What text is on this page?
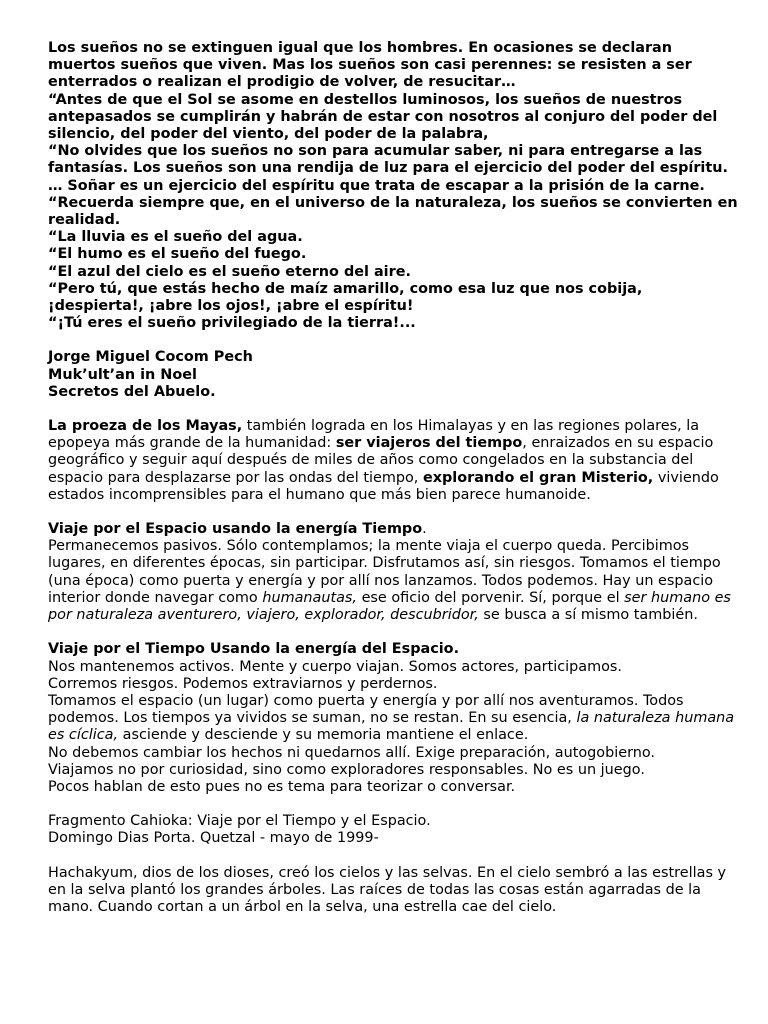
Los sueños no se extinguen igual que los hombres. En ocasiones se declaran muertos sueños que viven. Mas los sueños son casi perennes: se resisten a ser enterrados o realizan el prodigio de volver, de resucitar…

“Antes de que el Sol se asome en destellos luminosos, los sueños de nuestros antepasados se cumplirán y habrán de estar con nosotros al conjuro del poder del silencio, del poder del viento, del poder de la palabra,

“No olvides que los sueños no son para acumular saber, ni para entregarse a las fantasías. Los sueños son una rendija de luz para el ejercicio del poder del espíritu.

… Soñar es un ejercicio del espíritu que trata de escapar a la prisión de la carne.

“Recuerda siempre que, en el universo de la naturaleza, los sueños se convierten en realidad.

“La lluvia es el sueño del agua.

“El humo es el sueño del fuego.

“El azul del cielo es el sueño eterno del aire.

“Pero tú, que estás hecho de maíz amarillo, como esa luz que nos cobija, ¡despierta!, ¡abre los ojos!, ¡abre el espíritu!

“¡Tú eres el sueño privilegiado de la tierra!...

Jorge Miguel Cocom Pech

Muk’ult’an in Noel

Secretos del Abuelo.

La proeza de los Mayas, también lograda en los Himalayas y en las regiones polares, la epopeya más grande de la humanidad: ser viajeros del tiempo, enraizados en su espacio geográfico y seguir aquí después de miles de años como congelados en la substancia del espacio para desplazarse por las ondas del tiempo, explorando el gran Misterio, viviendo estados incomprensibles para el humano que más bien parece humanoide.

Viaje por el Espacio usando la energía Tiempo.

Permanecemos pasivos. Sólo contemplamos; la mente viaja el cuerpo queda. Percibimos lugares, en diferentes épocas, sin participar. Disfrutamos así, sin riesgos. Tomamos el tiempo (una época) como puerta y energía y por allí nos lanzamos. Todos podemos. Hay un espacio interior donde navegar como humanautas, ese oficio del porvenir. Sí, porque el ser humano es por naturaleza aventurero, viajero, explorador, descubridor, se busca a sí mismo también.

Viaje por el Tiempo Usando la energía del Espacio.

Nos mantenemos activos. Mente y cuerpo viajan. Somos actores, participamos.

Corremos riesgos. Podemos extraviarnos y perdernos.

Tomamos el espacio (un lugar) como puerta y energía y por allí nos aventuramos. Todos podemos. Los tiempos ya vividos se suman, no se restan. En su esencia, la naturaleza humana es cíclica, asciende y desciende y su memoria mantiene el enlace.

No debemos cambiar los hechos ni quedarnos allí. Exige preparación, autogobierno.

Viajamos no por curiosidad, sino como exploradores responsables. No es un juego.

Pocos hablan de esto pues no es tema para teorizar o conversar.

Fragmento Cahioka: Viaje por el Tiempo y el Espacio.

Domingo Dias Porta. Quetzal - mayo de 1999-

Hachakyum, dios de los dioses, creó los cielos y las selvas. En el cielo sembró a las estrellas y en la selva plantó los grandes árboles. Las raíces de todas las cosas están agarradas de la mano. Cuando cortan a un árbol en la selva, una estrella cae del cielo.
